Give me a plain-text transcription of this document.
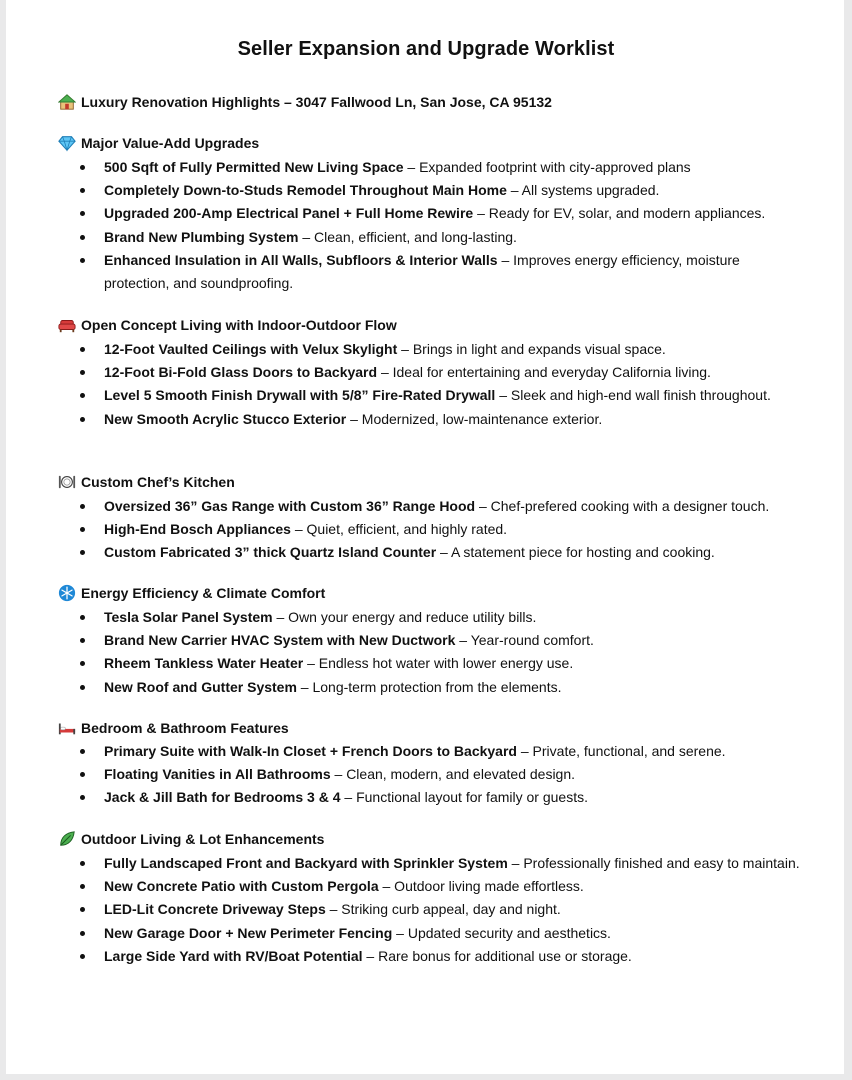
Seller Expansion and Upgrade Worklist
Luxury Renovation Highlights – 3047 Fallwood Ln, San Jose, CA 95132
Major Value-Add Upgrades
500 Sqft of Fully Permitted New Living Space – Expanded footprint with city-approved plans
Completely Down-to-Studs Remodel Throughout Main Home – All systems upgraded.
Upgraded 200-Amp Electrical Panel + Full Home Rewire – Ready for EV, solar, and modern appliances.
Brand New Plumbing System – Clean, efficient, and long-lasting.
Enhanced Insulation in All Walls, Subfloors & Interior Walls – Improves energy efficiency, moisture protection, and soundproofing.
Open Concept Living with Indoor-Outdoor Flow
12-Foot Vaulted Ceilings with Velux Skylight – Brings in light and expands visual space.
12-Foot Bi-Fold Glass Doors to Backyard – Ideal for entertaining and everyday California living.
Level 5 Smooth Finish Drywall with 5/8” Fire-Rated Drywall – Sleek and high-end wall finish throughout.
New Smooth Acrylic Stucco Exterior – Modernized, low-maintenance exterior.
Custom Chef’s Kitchen
Oversized 36” Gas Range with Custom 36” Range Hood – Chef-prefered cooking with a designer touch.
High-End Bosch Appliances – Quiet, efficient, and highly rated.
Custom Fabricated 3” thick Quartz Island Counter – A statement piece for hosting and cooking.
Energy Efficiency & Climate Comfort
Tesla Solar Panel System – Own your energy and reduce utility bills.
Brand New Carrier HVAC System with New Ductwork – Year-round comfort.
Rheem Tankless Water Heater – Endless hot water with lower energy use.
New Roof and Gutter System – Long-term protection from the elements.
Bedroom & Bathroom Features
Primary Suite with Walk-In Closet + French Doors to Backyard – Private, functional, and serene.
Floating Vanities in All Bathrooms – Clean, modern, and elevated design.
Jack & Jill Bath for Bedrooms 3 & 4 – Functional layout for family or guests.
Outdoor Living & Lot Enhancements
Fully Landscaped Front and Backyard with Sprinkler System – Professionally finished and easy to maintain.
New Concrete Patio with Custom Pergola – Outdoor living made effortless.
LED-Lit Concrete Driveway Steps – Striking curb appeal, day and night.
New Garage Door + New Perimeter Fencing – Updated security and aesthetics.
Large Side Yard with RV/Boat Potential – Rare bonus for additional use or storage.
